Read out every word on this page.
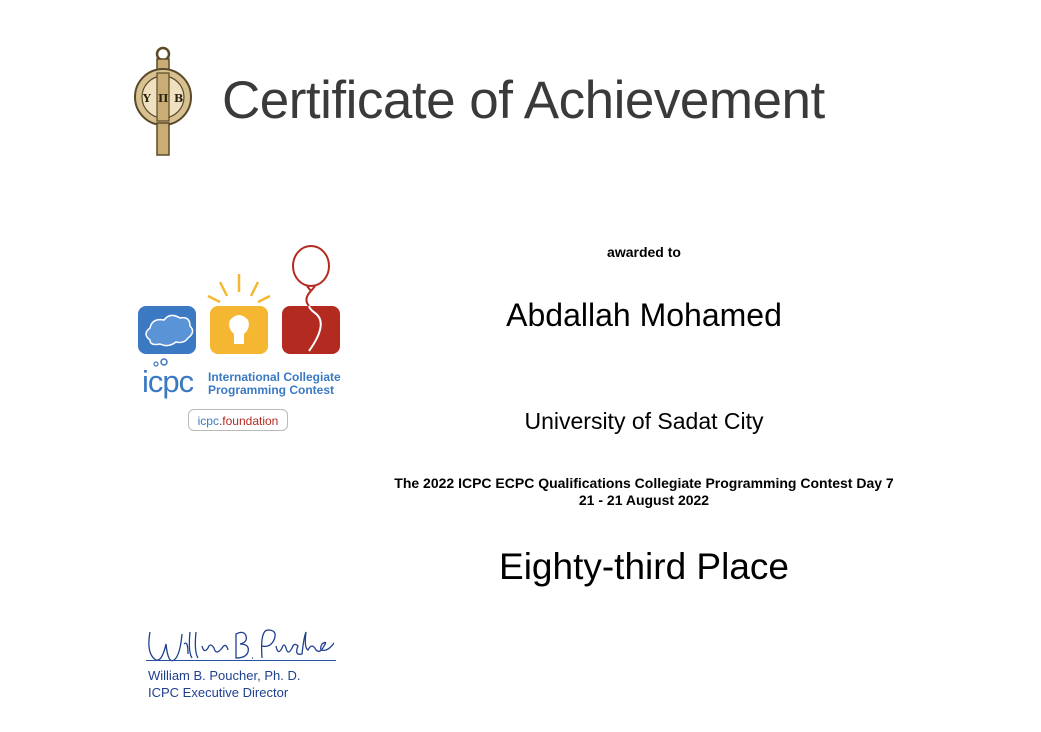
Υ Π Β Certificate of Achievement
icpc International Collegiate
Programming Contest
icpc.foundation
awarded to
Abdallah Mohamed
University of Sadat City
The 2022 ICPC ECPC Qualifications Collegiate Programming Contest Day 7
21 - 21 August 2022
Eighty-third Place
William B. Poucher, Ph. D.
ICPC Executive Director
